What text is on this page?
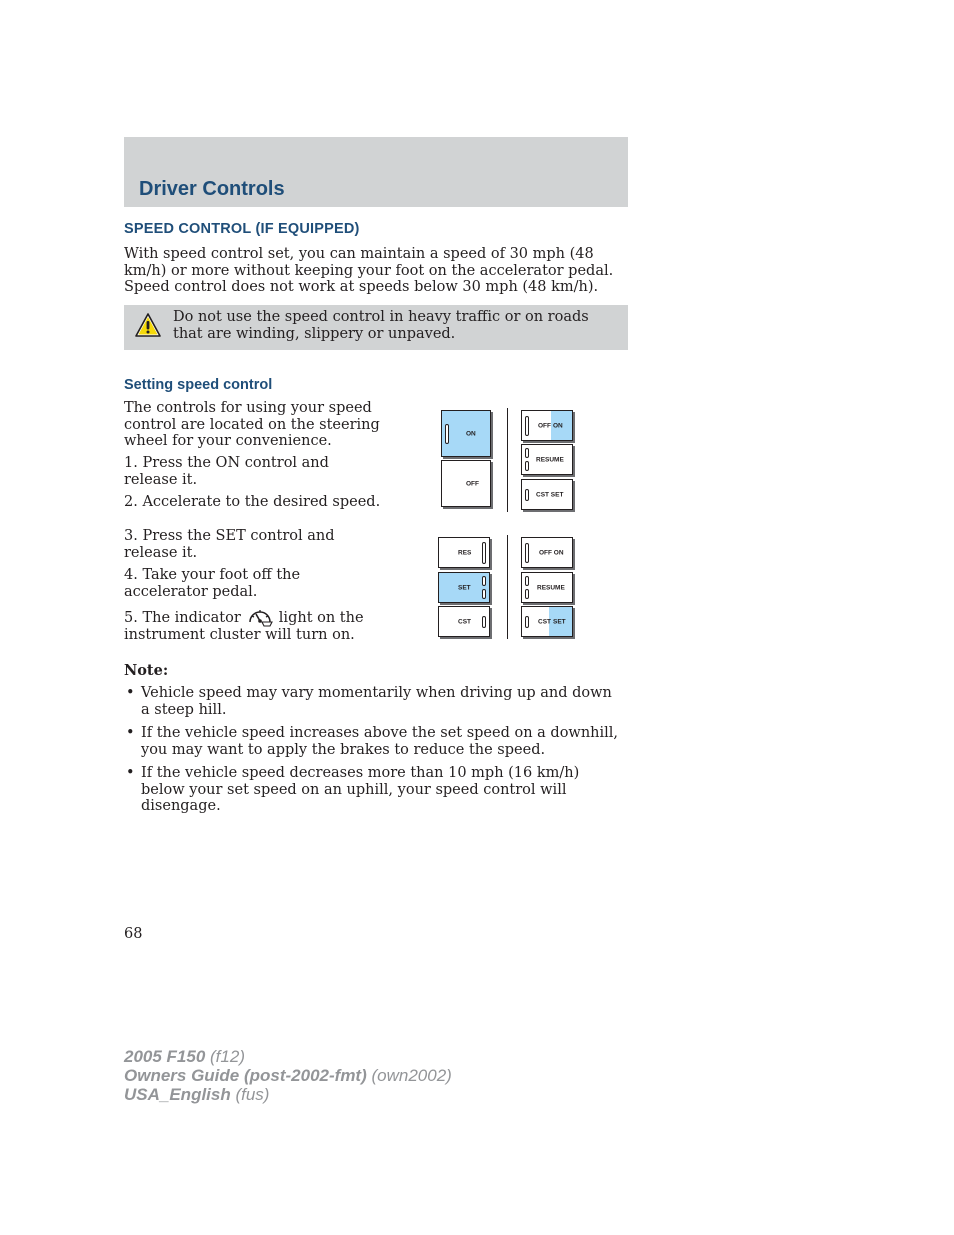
Driver Controls
SPEED CONTROL (IF EQUIPPED)
With speed control set, you can maintain a speed of 30 mph (48 km/h) or more without keeping your foot on the accelerator pedal. Speed control does not work at speeds below 30 mph (48 km/h).
Do not use the speed control in heavy traffic or on roads that are winding, slippery or unpaved.
Setting speed control
The controls for using your speed control are located on the steering wheel for your convenience.
1. Press the ON control and release it.
2. Accelerate to the desired speed.
3. Press the SET control and release it.
4. Take your foot off the accelerator pedal.
5. The indicator	light on the instrument cluster will turn on.
ON
OFF
OFF ON
RESUME
CST SET
RES
SET
CST
OFF ON
RESUME
CST SET
Note:
• Vehicle speed may vary momentarily when driving up and down a steep hill.
• If the vehicle speed increases above the set speed on a downhill, you may want to apply the brakes to reduce the speed.
• If the vehicle speed decreases more than 10 mph (16 km/h) below your set speed on an uphill, your speed control will disengage.
68
2005 F150 (f12)
Owners Guide (post-2002-fmt) (own2002)
USA_English (fus)
